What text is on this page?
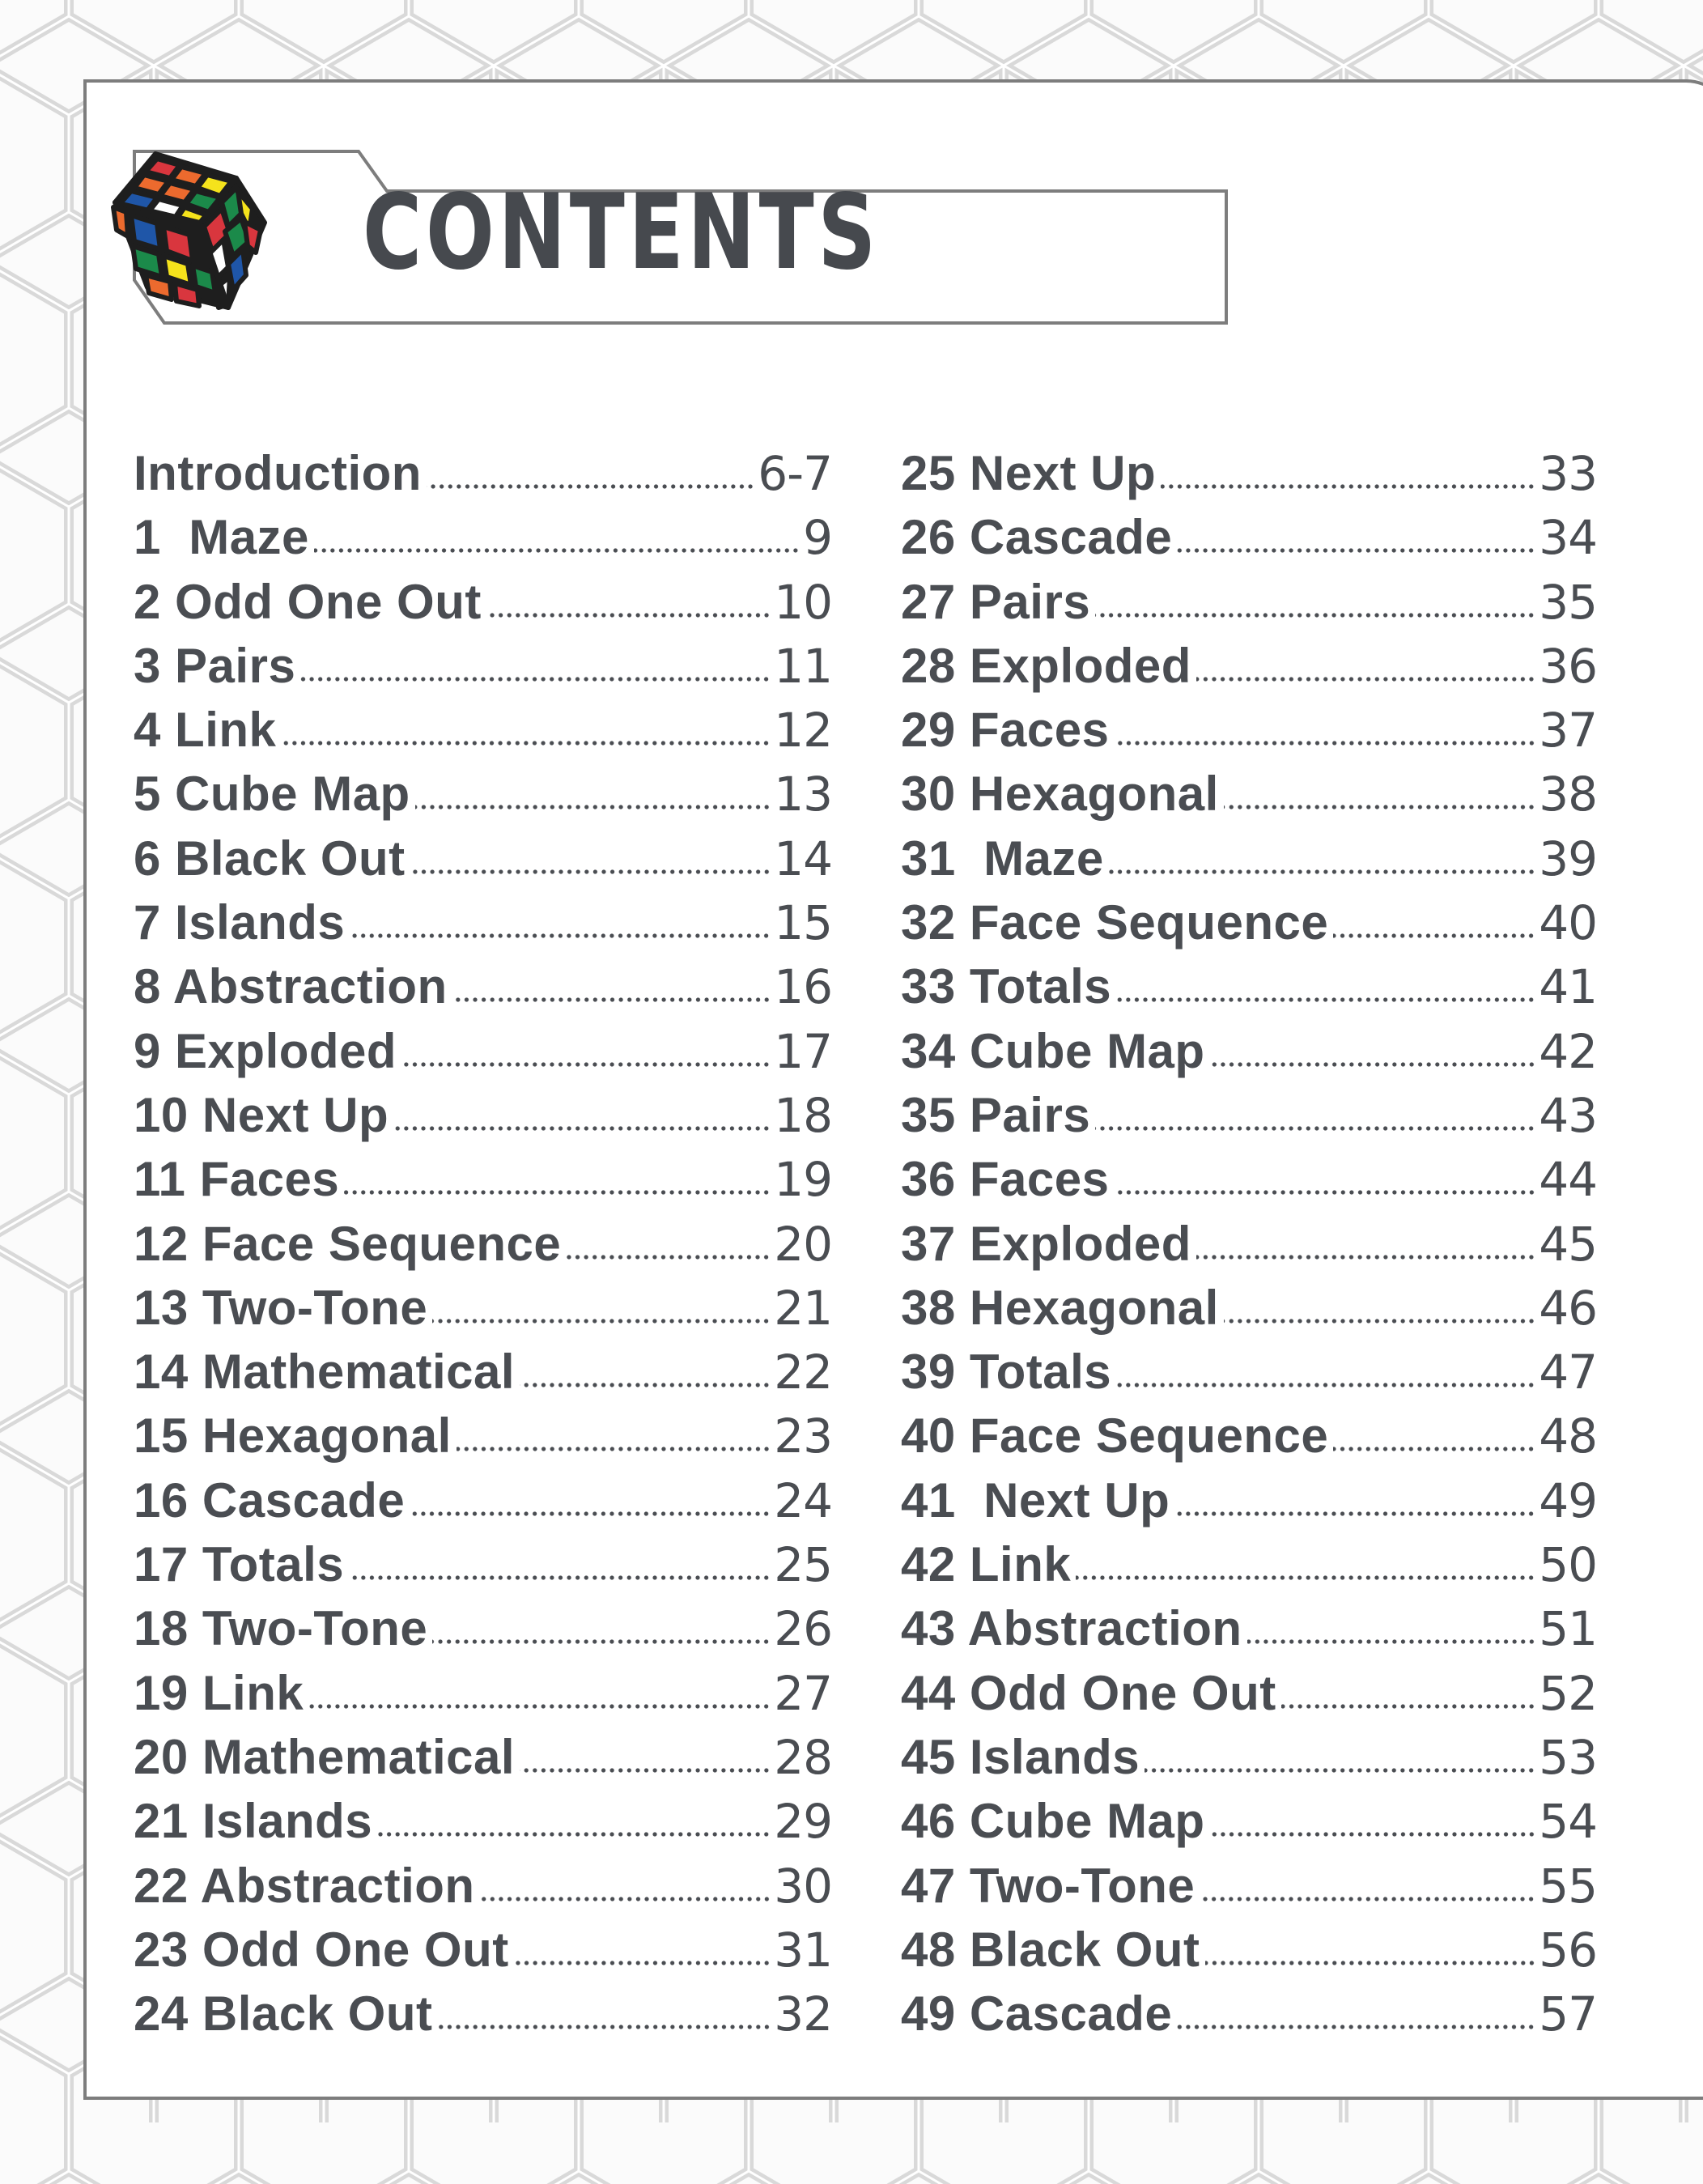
CONTENTS
Introduction	6-7
1  Maze	9
2 Odd One Out	10
3 Pairs	11
4 Link	12
5 Cube Map	13
6 Black Out	14
7 Islands	15
8 Abstraction	16
9 Exploded	17
10 Next Up	18
11 Faces	19
12 Face Sequence	20
13 Two-Tone	21
14 Mathematical	22
15 Hexagonal	23
16 Cascade	24
17 Totals	25
18 Two-Tone	26
19 Link	27
20 Mathematical	28
21 Islands	29
22 Abstraction	30
23 Odd One Out	31
24 Black Out	32
25 Next Up	33
26 Cascade	34
27 Pairs	35
28 Exploded	36
29 Faces	37
30 Hexagonal	38
31  Maze	39
32 Face Sequence	40
33 Totals	41
34 Cube Map	42
35 Pairs	43
36 Faces	44
37 Exploded	45
38 Hexagonal	46
39 Totals	47
40 Face Sequence	48
41  Next Up	49
42 Link	50
43 Abstraction	51
44 Odd One Out	52
45 Islands	53
46 Cube Map	54
47 Two-Tone	55
48 Black Out	56
49 Cascade	57
